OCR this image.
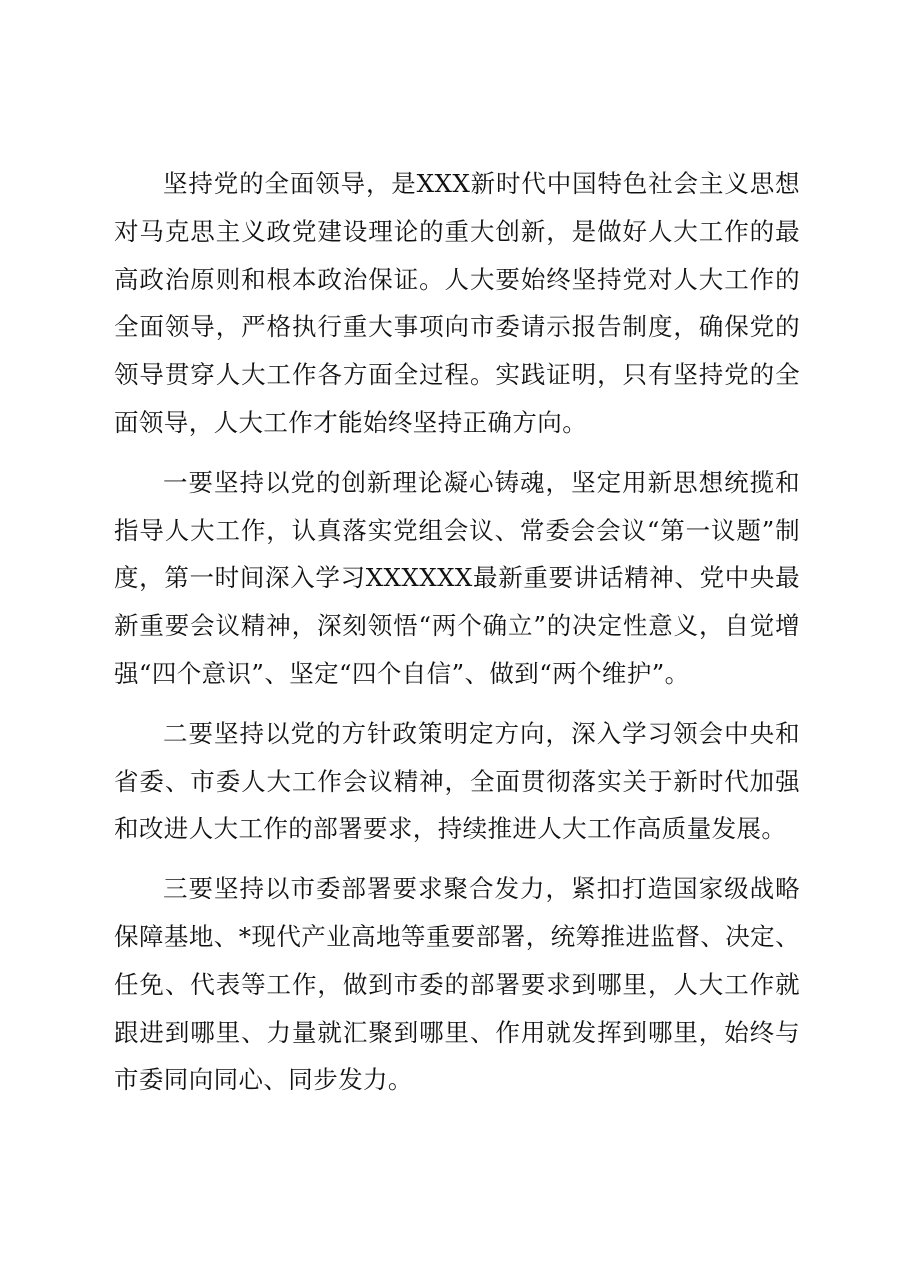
坚持党的全面领导，是XXX新时代中国特色社会主义思想对马克思主义政党建设理论的重大创新，是做好人大工作的最高政治原则和根本政治保证。人大要始终坚持党对人大工作的全面领导，严格执行重大事项向市委请示报告制度，确保党的领导贯穿人大工作各方面全过程。实践证明，只有坚持党的全面领导，人大工作才能始终坚持正确方向。

一要坚持以党的创新理论凝心铸魂，坚定用新思想统揽和指导人大工作，认真落实党组会议、常委会会议“第一议题”制度，第一时间深入学习XXXXXX最新重要讲话精神、党中央最新重要会议精神，深刻领悟“两个确立”的决定性意义，自觉增强“四个意识”、坚定“四个自信”、做到“两个维护”。

二要坚持以党的方针政策明定方向，深入学习领会中央和省委、市委人大工作会议精神，全面贯彻落实关于新时代加强和改进人大工作的部署要求，持续推进人大工作高质量发展。

三要坚持以市委部署要求聚合发力，紧扣打造国家级战略保障基地、*现代产业高地等重要部署，统筹推进监督、决定、任免、代表等工作，做到市委的部署要求到哪里，人大工作就跟进到哪里、力量就汇聚到哪里、作用就发挥到哪里，始终与市委同向同心、同步发力。
